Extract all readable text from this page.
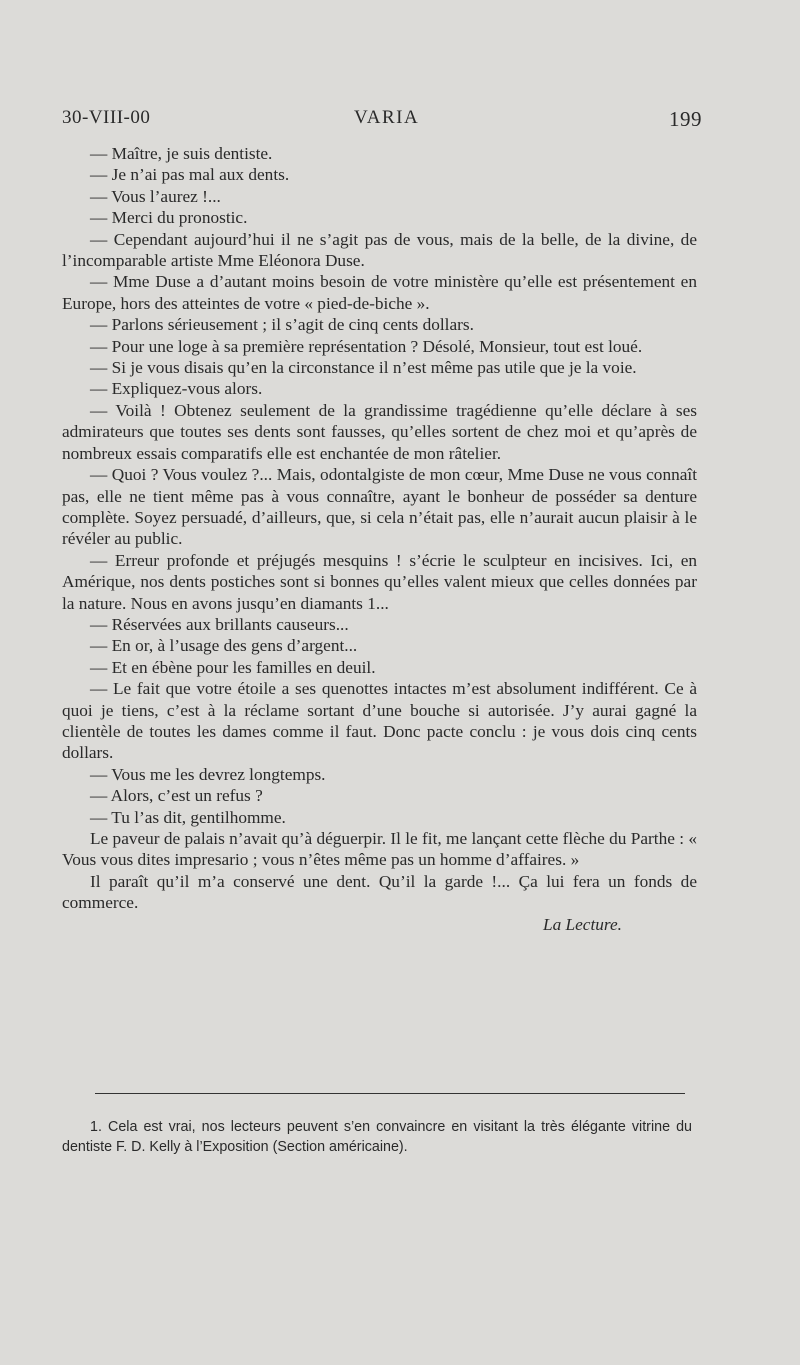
30-VIII-00	VARIA	199

— Maître, je suis dentiste.

— Je n’ai pas mal aux dents.

— Vous l’aurez !...

— Merci du pronostic.

— Cependant aujourd’hui il ne s’agit pas de vous, mais de la belle, de la divine, de l’incomparable artiste Mme Eléonora Duse.

— Mme Duse a d’autant moins besoin de votre ministère qu’elle est présentement en Europe, hors des atteintes de votre « pied-de-biche ».

— Parlons sérieusement ; il s’agit de cinq cents dollars.

— Pour une loge à sa première représentation ? Désolé, Monsieur, tout est loué.

— Si je vous disais qu’en la circonstance il n’est même pas utile que je la voie.

— Expliquez-vous alors.

— Voilà ! Obtenez seulement de la grandissime tragédienne qu’elle déclare à ses admirateurs que toutes ses dents sont fausses, qu’elles sortent de chez moi et qu’après de nombreux essais comparatifs elle est enchantée de mon râtelier.

— Quoi ? Vous voulez ?... Mais, odontalgiste de mon cœur, Mme Duse ne vous connaît pas, elle ne tient même pas à vous connaître, ayant le bonheur de posséder sa denture complète. Soyez persuadé, d’ailleurs, que, si cela n’était pas, elle n’aurait aucun plaisir à le révéler au public.

— Erreur profonde et préjugés mesquins ! s’écrie le sculpteur en incisives. Ici, en Amérique, nos dents postiches sont si bonnes qu’elles valent mieux que celles données par la nature. Nous en avons jusqu’en diamants 1...

— Réservées aux brillants causeurs...

— En or, à l’usage des gens d’argent...

— Et en ébène pour les familles en deuil.

— Le fait que votre étoile a ses quenottes intactes m’est absolument indifférent. Ce à quoi je tiens, c’est à la réclame sortant d’une bouche si autorisée. J’y aurai gagné la clientèle de toutes les dames comme il faut. Donc pacte conclu : je vous dois cinq cents dollars.

— Vous me les devrez longtemps.

— Alors, c’est un refus ?

— Tu l’as dit, gentilhomme.

Le paveur de palais n’avait qu’à déguerpir. Il le fit, me lançant cette flèche du Parthe : « Vous vous dites impresario ; vous n’êtes même pas un homme d’affaires. »

Il paraît qu’il m’a conservé une dent. Qu’il la garde !... Ça lui fera un fonds de commerce.

La Lecture.

1. Cela est vrai, nos lecteurs peuvent s’en convaincre en visitant la très élégante vitrine du dentiste F. D. Kelly à l’Exposition (Section américaine).
